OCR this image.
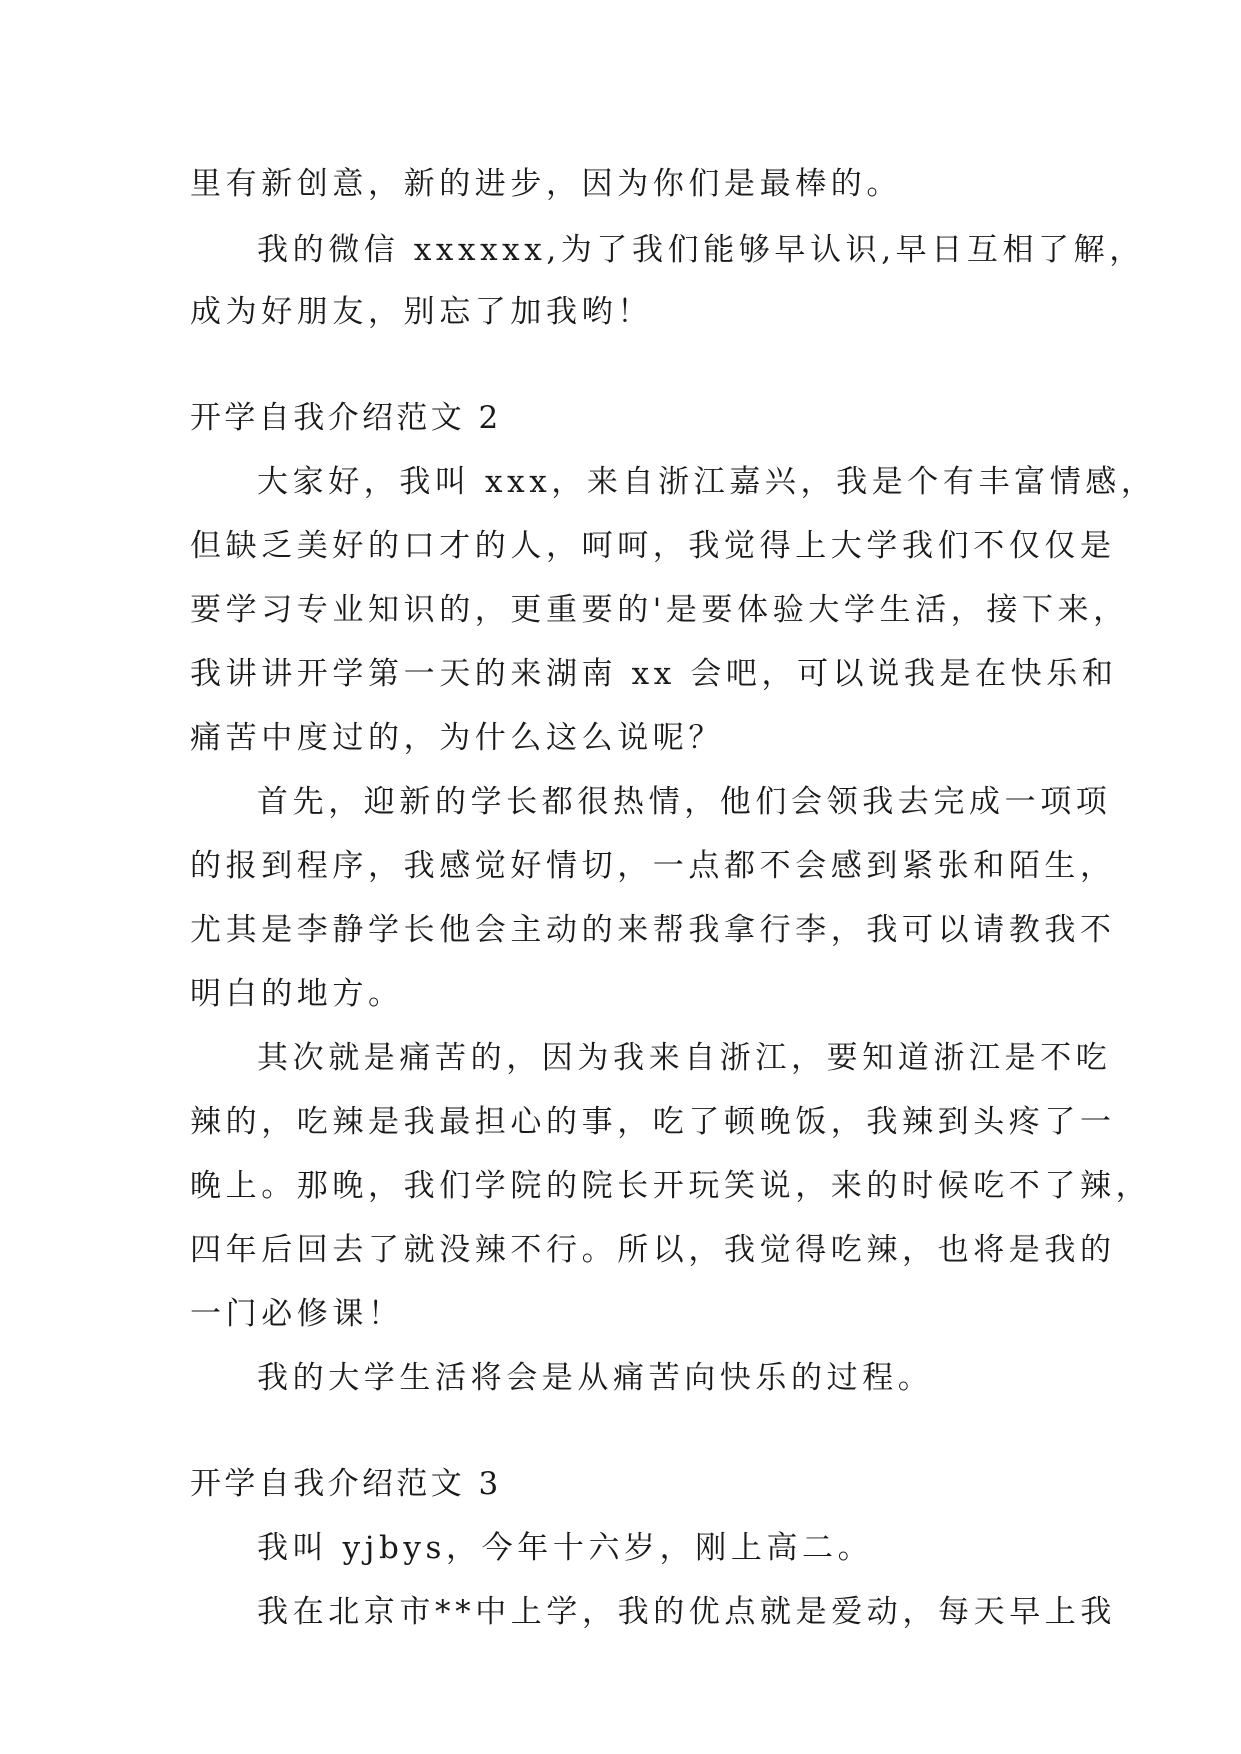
里有新创意，新的进步，因为你们是最棒的。
我的微信 xxxxxx,为了我们能够早认识,早日互相了解，
成为好朋友，别忘了加我哟！
开学自我介绍范文 2
大家好，我叫 xxx，来自浙江嘉兴，我是个有丰富情感，
但缺乏美好的口才的人，呵呵，我觉得上大学我们不仅仅是
要学习专业知识的，更重要的'是要体验大学生活，接下来，
我讲讲开学第一天的来湖南 xx 会吧，可以说我是在快乐和
痛苦中度过的，为什么这么说呢？
首先，迎新的学长都很热情，他们会领我去完成一项项
的报到程序，我感觉好情切，一点都不会感到紧张和陌生，
尤其是李静学长他会主动的来帮我拿行李，我可以请教我不
明白的地方。
其次就是痛苦的，因为我来自浙江，要知道浙江是不吃
辣的，吃辣是我最担心的事，吃了顿晚饭，我辣到头疼了一
晚上。那晚，我们学院的院长开玩笑说，来的时候吃不了辣，
四年后回去了就没辣不行。所以，我觉得吃辣，也将是我的
一门必修课！
我的大学生活将会是从痛苦向快乐的过程。
开学自我介绍范文 3
我叫 yjbys，今年十六岁，刚上高二。
我在北京市**中上学，我的优点就是爱动，每天早上我
